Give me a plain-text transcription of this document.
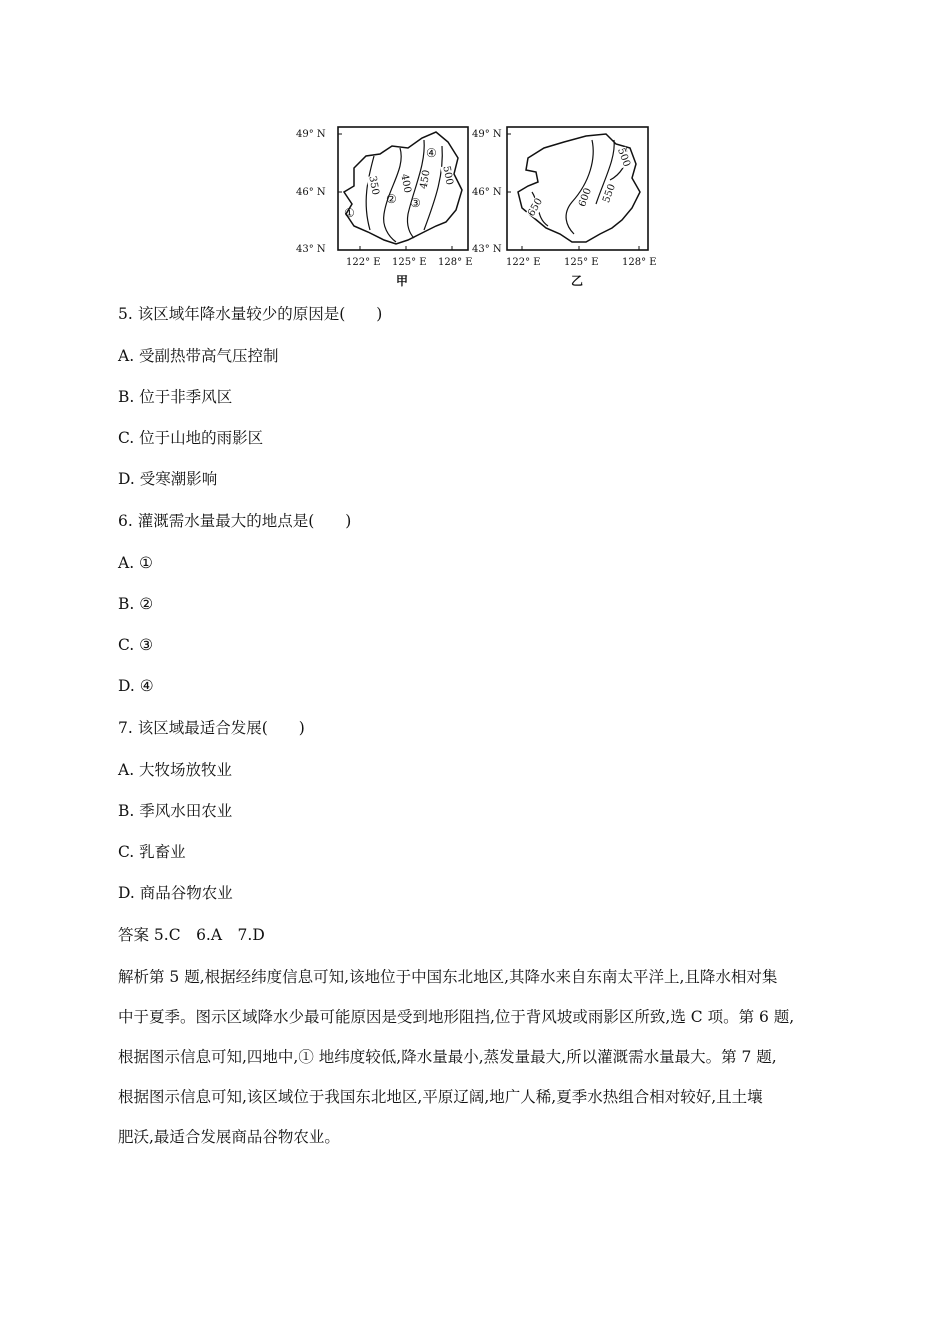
49° N
46° N
43° N
49° N
46° N
43° N
122° E 125° E 128° E	122° E 125° E 128° E
甲	乙
350 400 450 500
①
② ③
④
650	600 550
500
5. 该区域年降水量较少的原因是(　　)
A. 受副热带高气压控制
B. 位于非季风区
C. 位于山地的雨影区
D. 受寒潮影响
6. 灌溉需水量最大的地点是(　　)
A. ①
B. ②
C. ③
D. ④
7. 该区域最适合发展(　　)
A. 大牧场放牧业
B. 季风水田农业
C. 乳畜业
D. 商品谷物农业
答案 5.C　6.A　7.D
解析第 5 题,根据经纬度信息可知,该地位于中国东北地区,其降水来自东南太平洋上,且降水相对集
中于夏季。图示区域降水少最可能原因是受到地形阻挡,位于背风坡或雨影区所致,选 C 项。第 6 题,
根据图示信息可知,四地中,① 地纬度较低,降水量最小,蒸发量最大,所以灌溉需水量最大。第 7 题,
根据图示信息可知,该区域位于我国东北地区,平原辽阔,地广人稀,夏季水热组合相对较好,且土壤
肥沃,最适合发展商品谷物农业。
